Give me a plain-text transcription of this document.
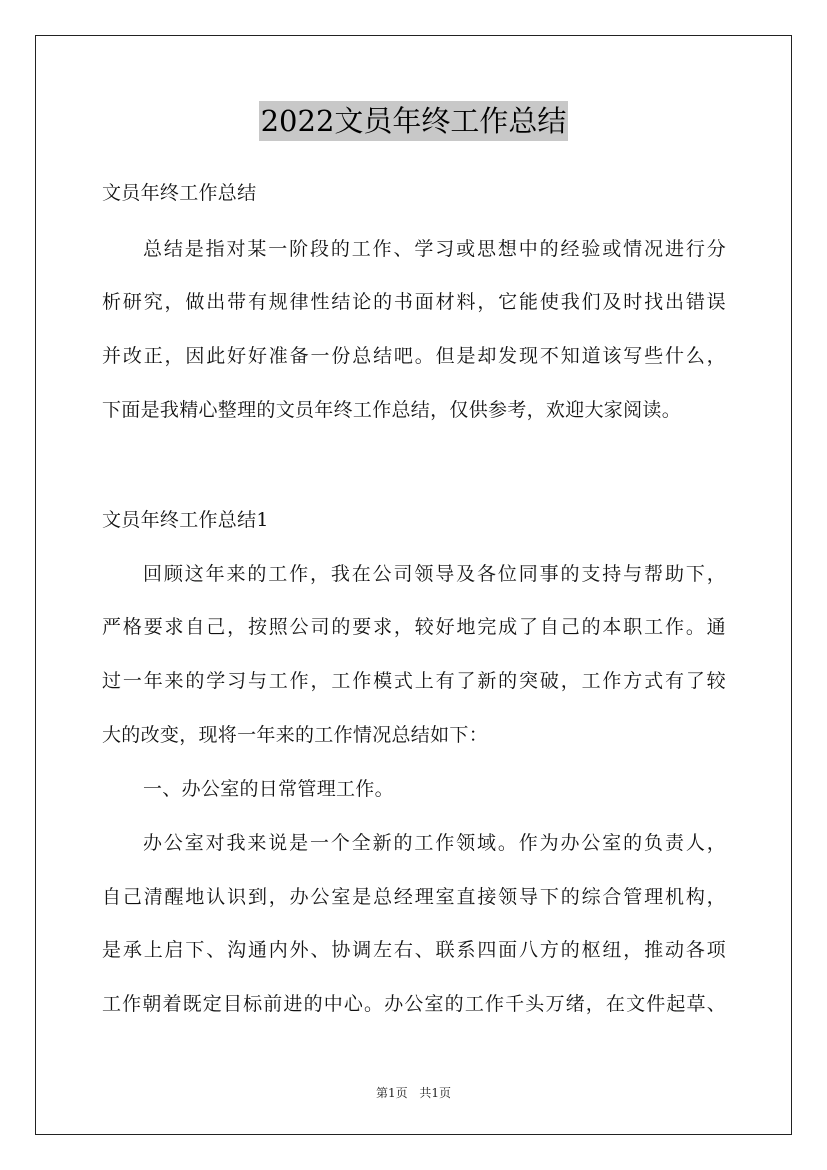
2022文员年终工作总结
文员年终工作总结
总结是指对某一阶段的工作、学习或思想中的经验或情况进行分
析研究，做出带有规律性结论的书面材料，它能使我们及时找出错误
并改正，因此好好准备一份总结吧。但是却发现不知道该写些什么，
下面是我精心整理的文员年终工作总结，仅供参考，欢迎大家阅读。
文员年终工作总结1
回顾这年来的工作，我在公司领导及各位同事的支持与帮助下，
严格要求自己，按照公司的要求，较好地完成了自己的本职工作。通
过一年来的学习与工作，工作模式上有了新的突破，工作方式有了较
大的改变，现将一年来的工作情况总结如下：
一、办公室的日常管理工作。
办公室对我来说是一个全新的工作领域。作为办公室的负责人，
自己清醒地认识到，办公室是总经理室直接领导下的综合管理机构，
是承上启下、沟通内外、协调左右、联系四面八方的枢纽，推动各项
工作朝着既定目标前进的中心。办公室的工作千头万绪，在文件起草、
第1页 共1页
